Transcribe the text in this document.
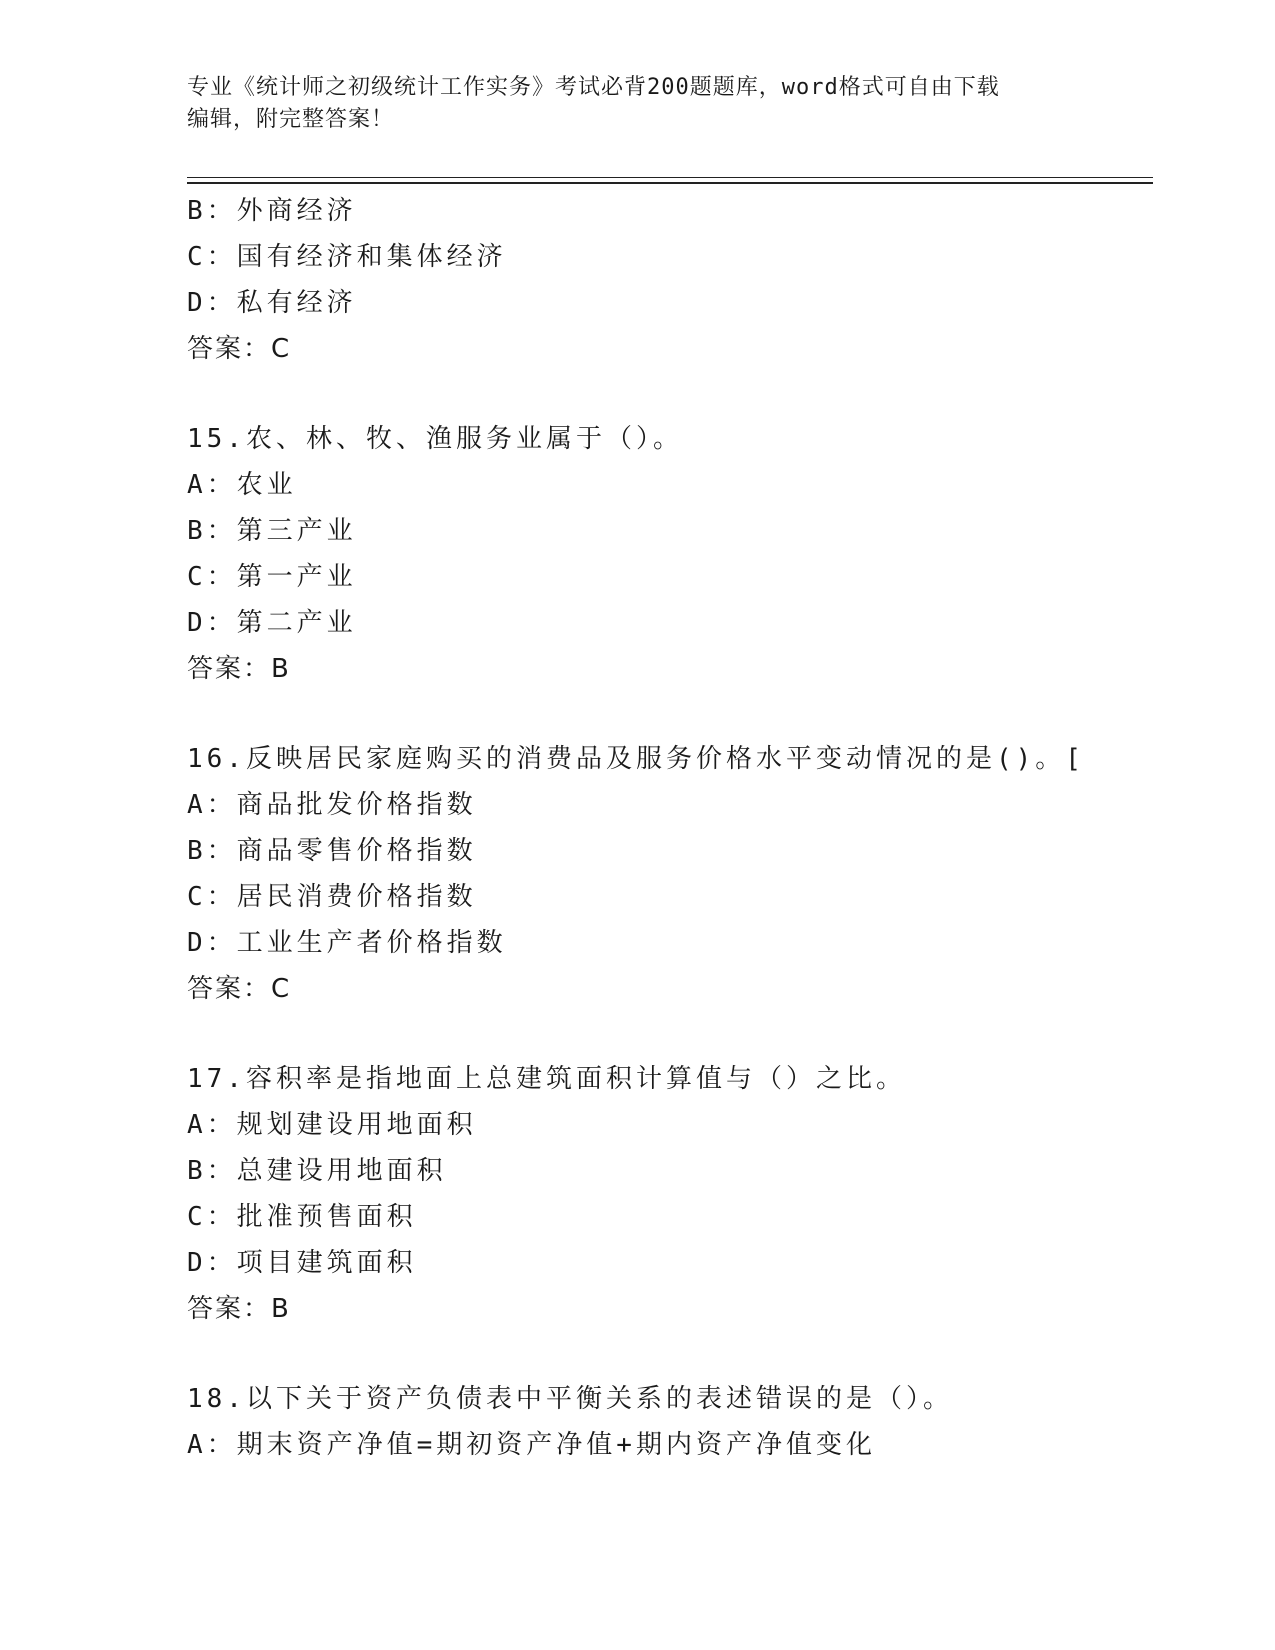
专业《统计师之初级统计工作实务》考试必背200题题库，word格式可自由下载
编辑，附完整答案！
B：外商经济
C：国有经济和集体经济
D：私有经济
答案：C
15.农、林、牧、渔服务业属于（）。
A：农业
B：第三产业
C：第一产业
D：第二产业
答案：B
16.反映居民家庭购买的消费品及服务价格水平变动情况的是()。[
A：商品批发价格指数
B：商品零售价格指数
C：居民消费价格指数
D：工业生产者价格指数
答案：C
17.容积率是指地面上总建筑面积计算值与（）之比。
A：规划建设用地面积
B：总建设用地面积
C：批准预售面积
D：项目建筑面积
答案：B
18.以下关于资产负债表中平衡关系的表述错误的是（）。
A：期末资产净值=期初资产净值+期内资产净值变化
